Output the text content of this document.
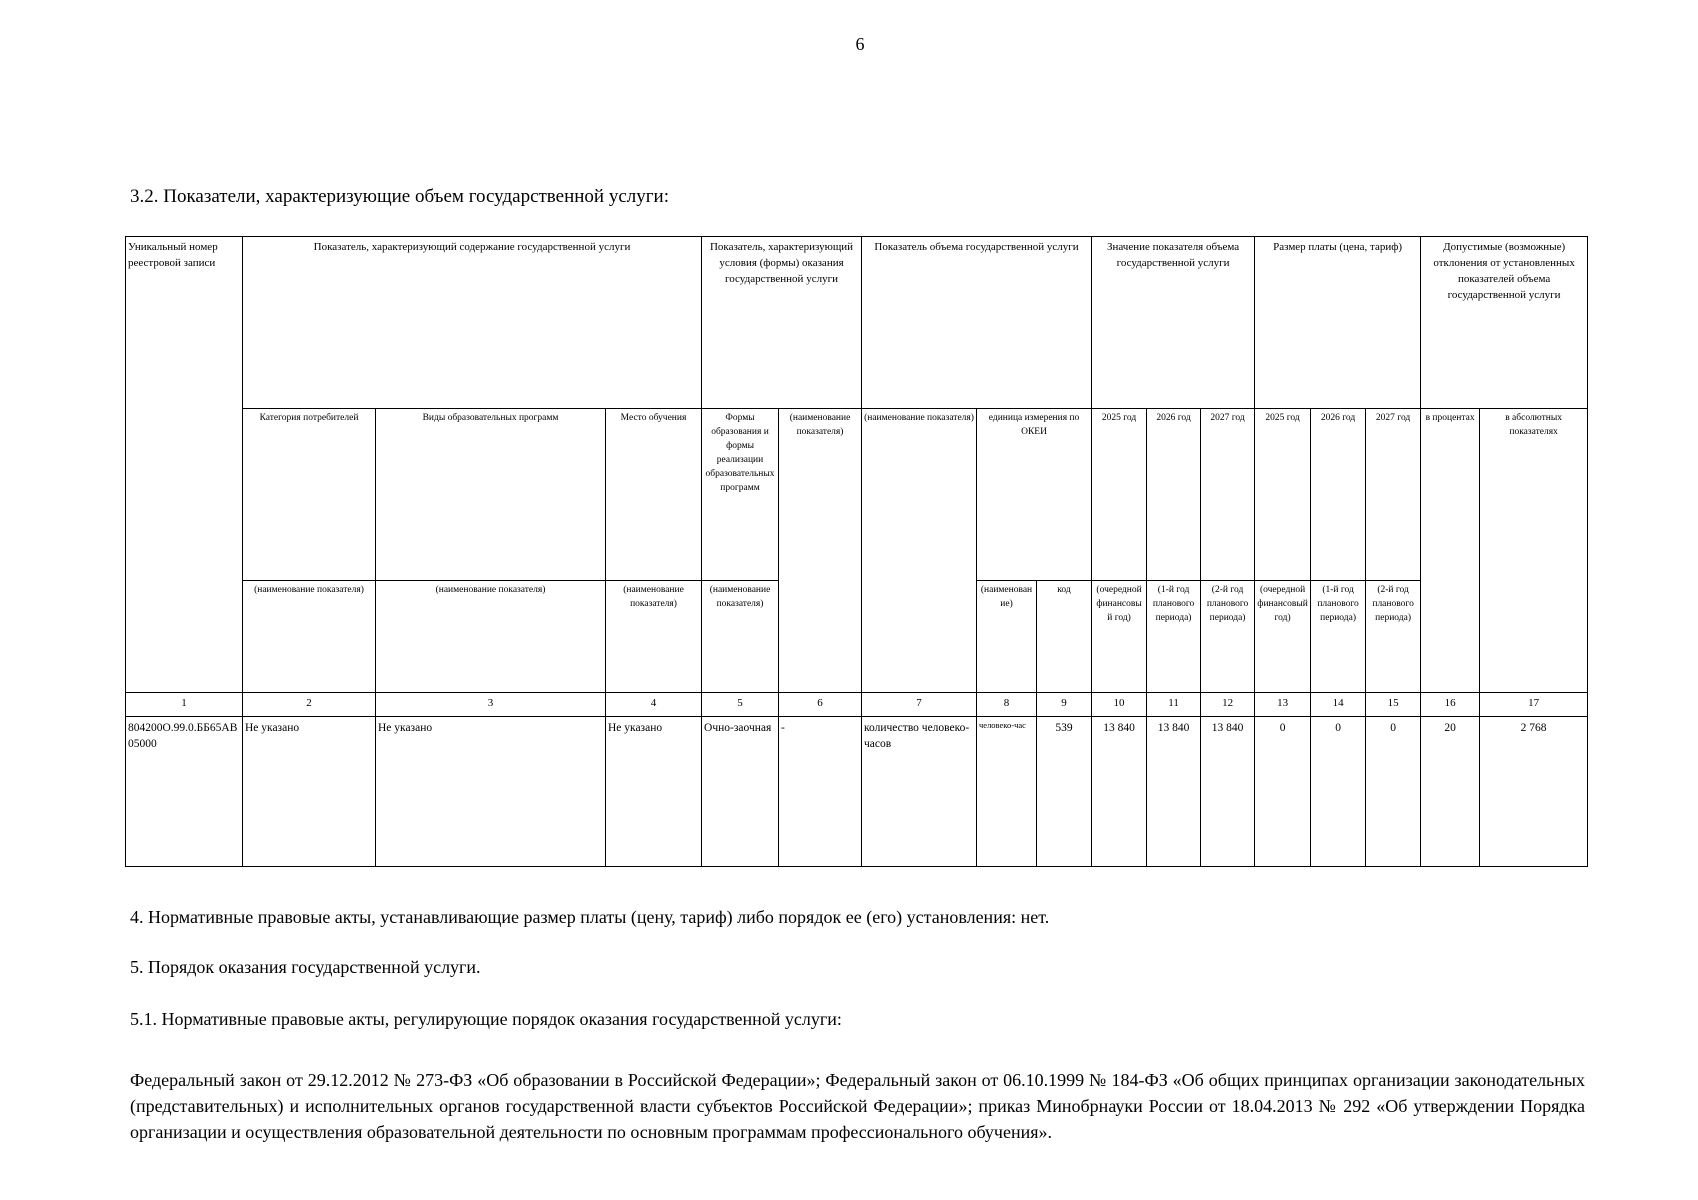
6
3.2. Показатели, характеризующие объем государственной услуги:
Уникальный номер реестровой записи	Показатель, характеризующий содержание государственной услуги			Показатель, характеризующий условия (формы) оказания государственной услуги		Показатель объема государственной услуги			Значение показателя объема государственной услуги			Размер платы (цена, тариф)			Допустимые (возможные) отклонения от установленных показателей объема государственной услуги	
	Категория потребителей	Виды образовательных программ	Место обучения	Формы образования и формы реализации образовательных программ	(наименование показателя)	(наименование показателя)	единица измерения по ОКЕИ		2025 год	2026 год	2027 год	2025 год	2026 год	2027 год	в процентах	в абсолютных показателях
	(наименование показателя)	(наименование показателя)	(наименование показателя)	(наименование показателя)			(наименование)	код	(очередной финансовый год)	(1-й год планового периода)	(2-й год планового периода)	(очередной финансовый год)	(1-й год планового периода)	(2-й год планового периода)		
1	2	3	4	5	6	7	8	9	10	11	12	13	14	15	16	17
804200О.99.0.ББ65АВ05000	Не указано	Не указано	Не указано	Очно-заочная	-	количество человеко-часов	человеко-час	539	13 840	13 840	13 840	0	0	0	20	2 768
4. Нормативные правовые акты, устанавливающие размер платы (цену, тариф) либо порядок ее (его) установления: нет.
5. Порядок оказания государственной услуги.
5.1. Нормативные правовые акты, регулирующие порядок оказания государственной услуги:
Федеральный закон от 29.12.2012 № 273-ФЗ «Об образовании в Российской Федерации»; Федеральный закон от 06.10.1999 № 184-ФЗ «Об общих принципах организации законодательных (представительных) и исполнительных органов государственной власти субъектов Российской Федерации»; приказ Минобрнауки России от 18.04.2013 № 292 «Об утверждении Порядка организации и осуществления образовательной деятельности по основным программам профессионального обучения».
